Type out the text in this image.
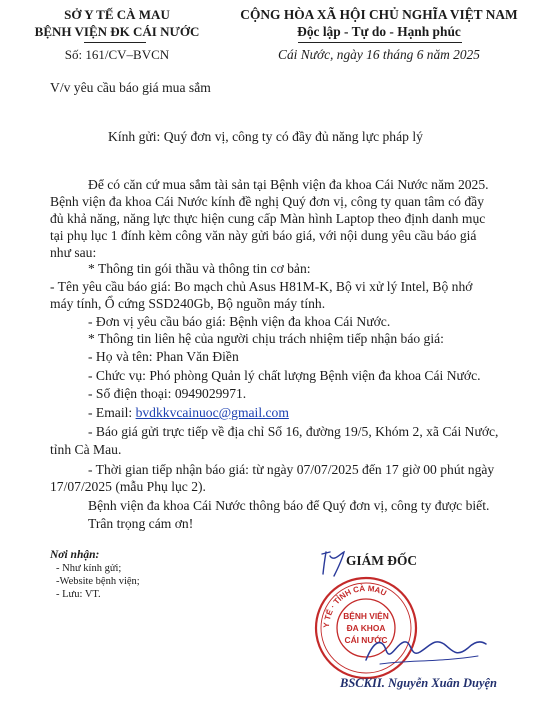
SỞ Y TẾ CÀ MAU
BỆNH VIỆN ĐK CÁI NƯỚC
Số: 161/CV–BVCN
CỘNG HÒA XÃ HỘI CHỦ NGHĨA VIỆT NAM
Độc lập - Tự do - Hạnh phúc
Cái Nước, ngày 16 tháng 6 năm 2025
V/v yêu cầu báo giá mua sắm
Kính gửi: Quý đơn vị, công ty có đầy đủ năng lực pháp lý
Để có căn cứ mua sắm tài sản tại Bệnh viện đa khoa Cái Nước năm 2025.
Bệnh viện đa khoa Cái Nước kính đề nghị Quý đơn vị, công ty quan tâm có đầy
đủ khả năng, năng lực thực hiện cung cấp Màn hình Laptop theo định danh mục
tại phụ lục 1 đính kèm công văn này gửi báo giá, với nội dung yêu cầu báo giá
như sau:
* Thông tin gói thầu và thông tin cơ bản:
- Tên yêu cầu báo giá: Bo mạch chủ Asus H81M-K, Bộ vi xử lý Intel, Bộ nhớ
máy tính, Ổ cứng SSD240Gb, Bộ nguồn máy tính.
- Đơn vị yêu cầu báo giá: Bệnh viện đa khoa Cái Nước.
* Thông tin liên hệ của người chịu trách nhiệm tiếp nhận báo giá:
- Họ và tên: Phan Văn Điền
- Chức vụ: Phó phòng Quản lý chất lượng Bệnh viện đa khoa Cái Nước.
- Số điện thoại: 0949029971.
- Email: bvdkkvcainuoc@gmail.com
- Báo giá gửi trực tiếp về địa chỉ Số 16, đường 19/5, Khóm 2, xã Cái Nước,
tỉnh Cà Mau.
- Thời gian tiếp nhận báo giá: từ ngày 07/07/2025 đến 17 giờ 00 phút ngày
17/07/2025 (mẫu Phụ lục 2).
Bệnh viện đa khoa Cái Nước thông báo để Quý đơn vị, công ty được biết.
Trân trọng cám ơn!
Nơi nhận:
- Như kính gửi;
-Website bệnh viện;
- Lưu: VT.
GIÁM ĐỐC
Y TẾ · TỈNH CÀ MAU
BỆNH VIỆN
ĐA KHOA
CÁI NƯỚC
BSCKII. Nguyễn Xuân Duyện
